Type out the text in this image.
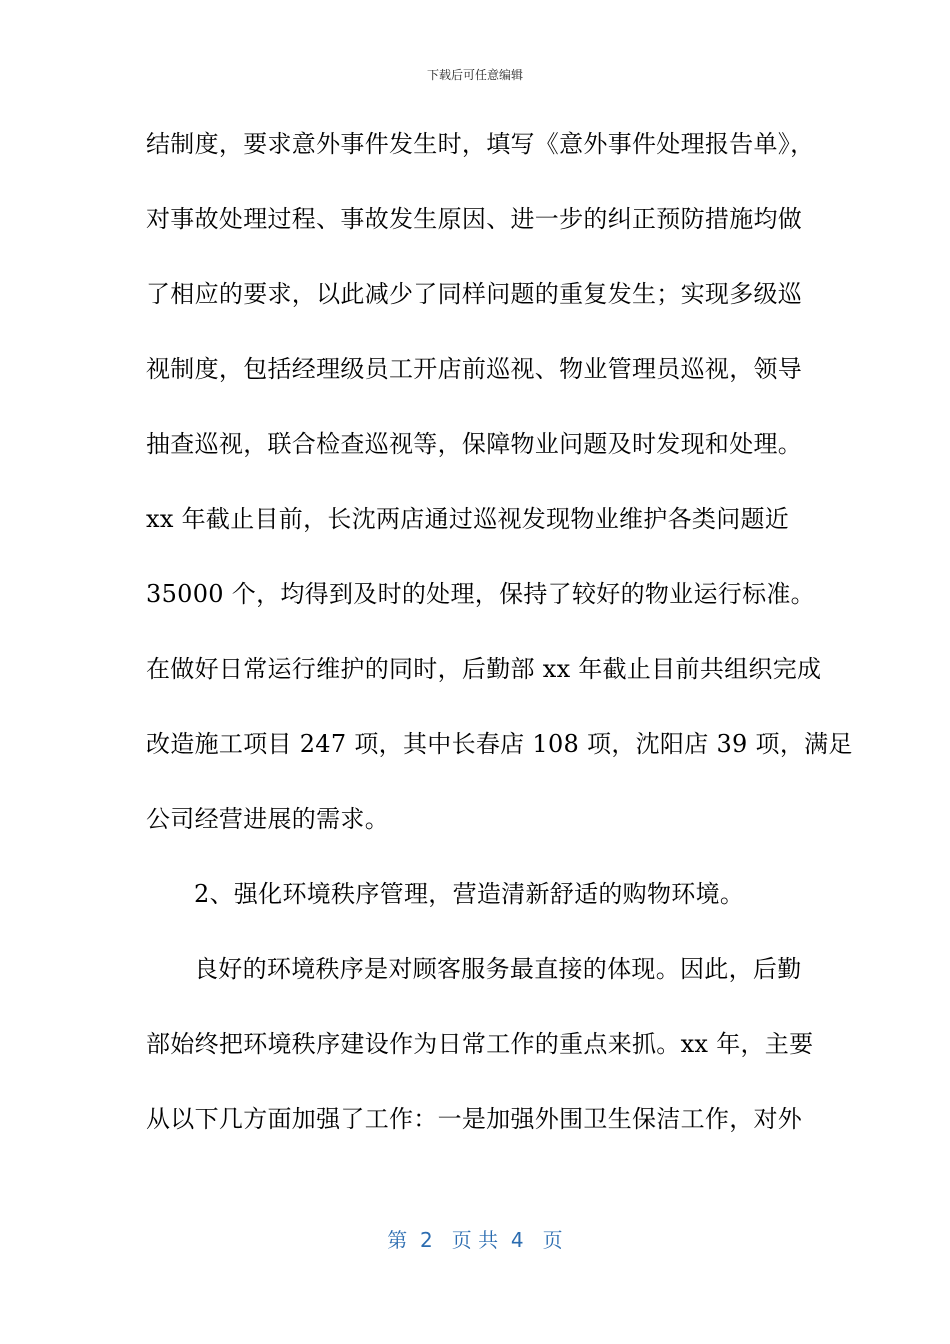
下载后可任意编辑
结制度，要求意外事件发生时，填写《意外事件处理报告单》，
对事故处理过程、事故发生原因、进一步的纠正预防措施均做
了相应的要求，以此减少了同样问题的重复发生；实现多级巡
视制度，包括经理级员工开店前巡视、物业管理员巡视，领导
抽查巡视，联合检查巡视等，保障物业问题及时发现和处理。
xx 年截止目前，长沈两店通过巡视发现物业维护各类问题近
35000 个，均得到及时的处理，保持了较好的物业运行标准。
在做好日常运行维护的同时，后勤部 xx 年截止目前共组织完成
改造施工项目 247 项，其中长春店 108 项，沈阳店 39 项，满足
公司经营进展的需求。
2、强化环境秩序管理，营造清新舒适的购物环境。
良好的环境秩序是对顾客服务最直接的体现。因此，后勤
部始终把环境秩序建设作为日常工作的重点来抓。xx 年，主要
从以下几方面加强了工作：一是加强外围卫生保洁工作，对外
第  2   页 共  4   页
